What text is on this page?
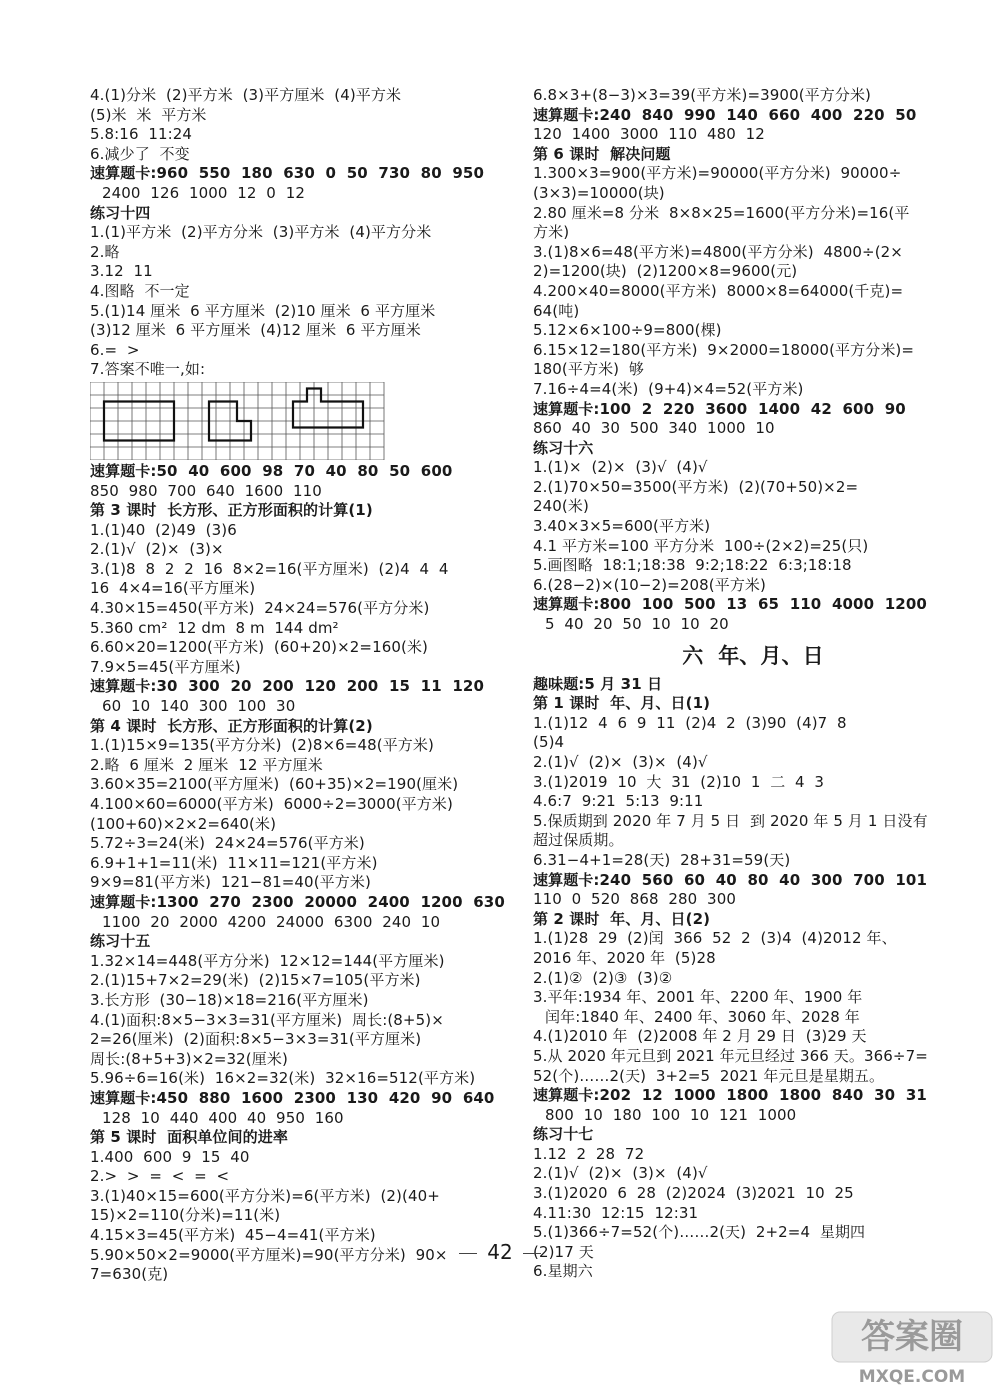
4.(1)分米  (2)平方米  (3)平方厘米  (4)平方米
(5)米  米  平方米
5.8:16  11:24
6.减少了  不变
速算题卡:960  550  180  630  0  50  730  80  950
2400  126  1000  12  0  12
练习十四
1.(1)平方米  (2)平方分米  (3)平方米  (4)平方分米
2.略
3.12  11
4.图略  不一定
5.(1)14 厘米  6 平方厘米  (2)10 厘米  6 平方厘米
(3)12 厘米  6 平方厘米  (4)12 厘米  6 平方厘米
6.=  >
7.答案不唯一,如:
速算题卡:50  40  600  98  70  40  80  50  600
850  980  700  640  1600  110
第 3 课时  长方形、正方形面积的计算(1)
1.(1)40  (2)49  (3)6
2.(1)√  (2)×  (3)×
3.(1)8  8  2  2  16  8×2=16(平方厘米)  (2)4  4  4
16  4×4=16(平方厘米)
4.30×15=450(平方米)  24×24=576(平方分米)
5.360 cm²  12 dm  8 m  144 dm²
6.60×20=1200(平方米)  (60+20)×2=160(米)
7.9×5=45(平方厘米)
速算题卡:30  300  20  200  120  200  15  11  120
60  10  140  300  100  30
第 4 课时  长方形、正方形面积的计算(2)
1.(1)15×9=135(平方分米)  (2)8×6=48(平方米)
2.略  6 厘米  2 厘米  12 平方厘米
3.60×35=2100(平方厘米)  (60+35)×2=190(厘米)
4.100×60=6000(平方米)  6000÷2=3000(平方米)
(100+60)×2×2=640(米)
5.72÷3=24(米)  24×24=576(平方米)
6.9+1+1=11(米)  11×11=121(平方米)
9×9=81(平方米)  121−81=40(平方米)
速算题卡:1300  270  2300  20000  2400  1200  630
1100  20  2000  4200  24000  6300  240  10
练习十五
1.32×14=448(平方分米)  12×12=144(平方厘米)
2.(1)15+7×2=29(米)  (2)15×7=105(平方米)
3.长方形  (30−18)×18=216(平方厘米)
4.(1)面积:8×5−3×3=31(平方厘米)  周长:(8+5)×
2=26(厘米)  (2)面积:8×5−3×3=31(平方厘米)
周长:(8+5+3)×2=32(厘米)
5.96÷6=16(米)  16×2=32(米)  32×16=512(平方米)
速算题卡:450  880  1600  2300  130  420  90  640
128  10  440  400  40  950  160
第 5 课时  面积单位间的进率
1.400  600  9  15  40
2.>  >  =  <  =  <
3.(1)40×15=600(平方分米)=6(平方米)  (2)(40+
15)×2=110(分米)=11(米)
4.15×3=45(平方米)  45−4=41(平方米)
5.90×50×2=9000(平方厘米)=90(平方分米)  90×
7=630(克)
6.8×3+(8−3)×3=39(平方米)=3900(平方分米)
速算题卡:240  840  990  140  660  400  220  50
120  1400  3000  110  480  12
第 6 课时  解决问题
1.300×3=900(平方米)=90000(平方分米)  90000÷
(3×3)=10000(块)
2.80 厘米=8 分米  8×8×25=1600(平方分米)=16(平
方米)
3.(1)8×6=48(平方米)=4800(平方分米)  4800÷(2×
2)=1200(块)  (2)1200×8=9600(元)
4.200×40=8000(平方米)  8000×8=64000(千克)=
64(吨)
5.12×6×100÷9=800(棵)
6.15×12=180(平方米)  9×2000=18000(平方分米)=
180(平方米)  够
7.16÷4=4(米)  (9+4)×4=52(平方米)
速算题卡:100  2  220  3600  1400  42  600  90
860  40  30  500  340  1000  10
练习十六
1.(1)×  (2)×  (3)√  (4)√
2.(1)70×50=3500(平方米)  (2)(70+50)×2=
240(米)
3.40×3×5=600(平方米)
4.1 平方米=100 平方分米  100÷(2×2)=25(只)
5.画图略  18:1;18:38  9:2;18:22  6:3;18:18
6.(28−2)×(10−2)=208(平方米)
速算题卡:800  100  500  13  65  110  4000  1200
5  40  20  50  10  10  20
六  年、月、日
趣味题:5 月 31 日
第 1 课时  年、月、日(1)
1.(1)12  4  6  9  11  (2)4  2  (3)90  (4)7  8
(5)4
2.(1)√  (2)×  (3)×  (4)√
3.(1)2019  10  大  31  (2)10  1  二  4  3
4.6:7  9:21  5:13  9:11
5.保质期到 2020 年 7 月 5 日  到 2020 年 5 月 1 日没有
超过保质期。
6.31−4+1=28(天)  28+31=59(天)
速算题卡:240  560  60  40  80  40  300  700  101
110  0  520  868  280  300
第 2 课时  年、月、日(2)
1.(1)28  29  (2)闰  366  52  2  (3)4  (4)2012 年、
2016 年、2020 年  (5)28
2.(1)②  (2)③  (3)②
3.平年:1934 年、2001 年、2200 年、1900 年
闰年:1840 年、2400 年、3060 年、2028 年
4.(1)2010 年  (2)2008 年 2 月 29 日  (3)29 天
5.从 2020 年元旦到 2021 年元旦经过 366 天。366÷7=
52(个)……2(天)  3+2=5  2021 年元旦是星期五。
速算题卡:202  12  1000  1800  1800  840  30  31
800  10  180  100  10  121  1000
练习十七
1.12  2  28  72
2.(1)√  (2)×  (3)×  (4)√
3.(1)2020  6  28  (2)2024  (3)2021  10  25
4.11:30  12:15  12:31
5.(1)366÷7=52(个)……2(天)  2+2=4  星期四
(2)17 天
6.星期六
42
答案圈
MXQE.COM
